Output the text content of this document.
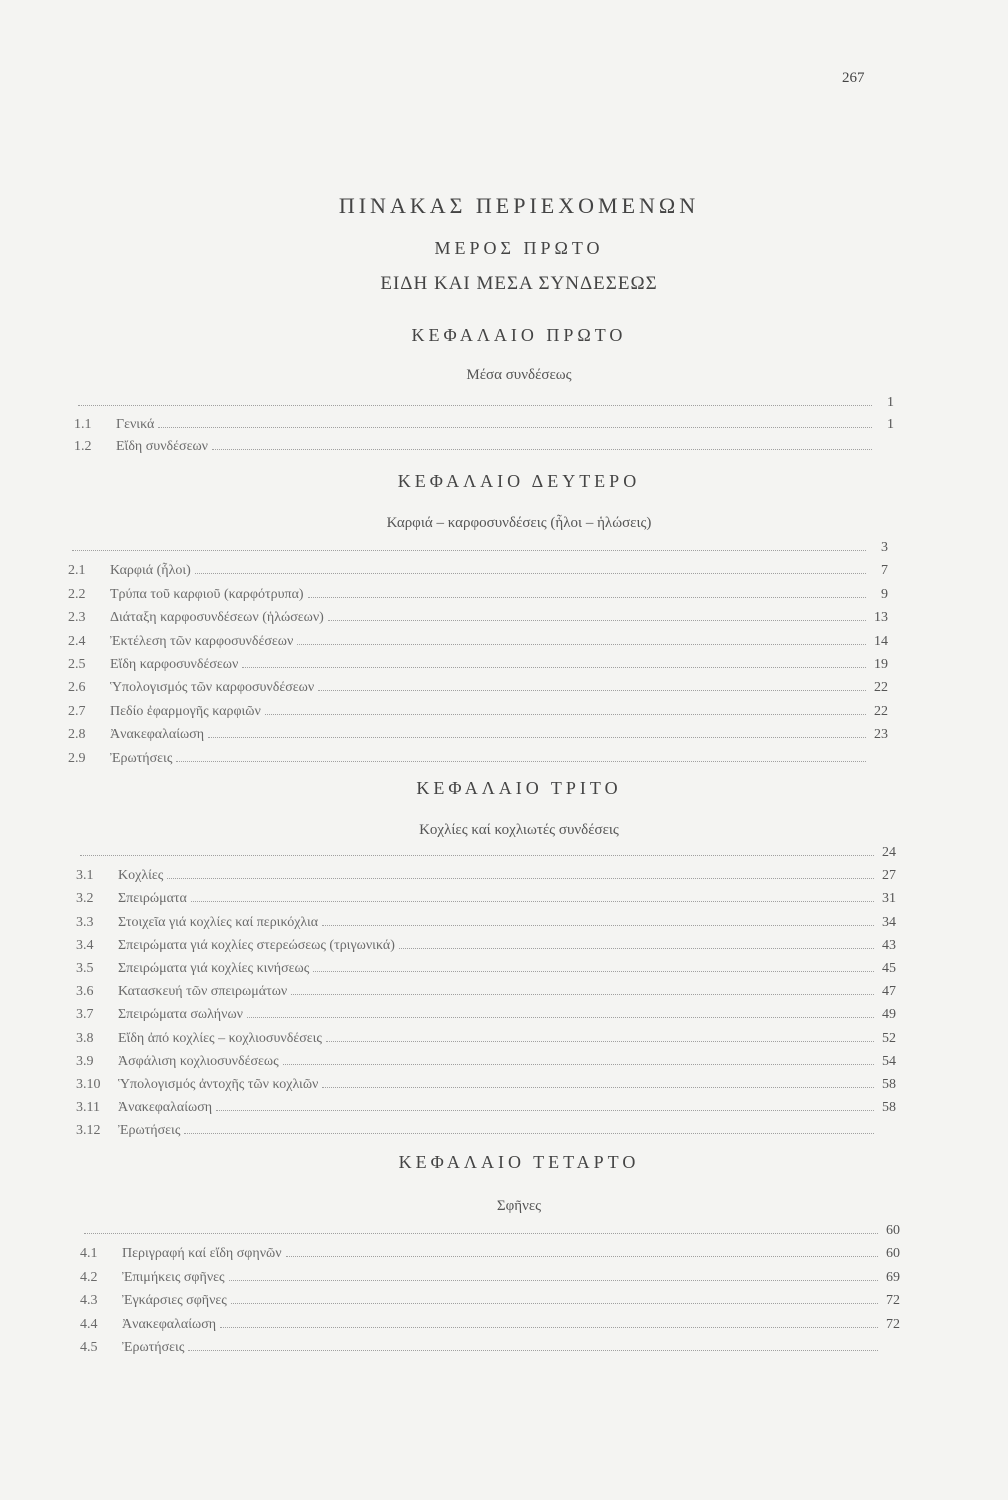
267
ΠΙΝΑΚΑΣ ΠΕΡΙΕΧΟΜΕΝΩΝ
ΜΕΡΟΣ ΠΡΩΤΟ
ΕΙΔΗ ΚΑΙ ΜΕΣΑ ΣΥΝΔΕΣΕΩΣ
ΚΕΦΑΛΑΙΟ ΠΡΩΤΟ
Μέσα συνδέσεως
1
1.1	Γενικά	1
1.2	Εἴδη συνδέσεων
ΚΕΦΑΛΑΙΟ ΔΕΥΤΕΡΟ
Καρφιά – καρφοσυνδέσεις (ἧλοι – ἡλώσεις)
3
2.1	Καρφιά (ἧλοι)	7
2.2	Τρύπα τοῦ καρφιοῦ (καρφότρυπα)	9
2.3	Διάταξη καρφοσυνδέσεων (ἡλώσεων)	13
2.4	Ἐκτέλεση τῶν καρφοσυνδέσεων	14
2.5	Εἴδη καρφοσυνδέσεων	19
2.6	Ὑπολογισμός τῶν καρφοσυνδέσεων	22
2.7	Πεδίο ἐφαρμογῆς καρφιῶν	22
2.8	Ἀνακεφαλαίωση	23
2.9	Ἐρωτήσεις
ΚΕΦΑΛΑΙΟ ΤΡΙΤΟ
Κοχλίες καί κοχλιωτές συνδέσεις
24
3.1	Κοχλίες	27
3.2	Σπειρώματα	31
3.3	Στοιχεῖα γιά κοχλίες καί περικόχλια	34
3.4	Σπειρώματα γιά κοχλίες στερεώσεως (τριγωνικά)	43
3.5	Σπειρώματα γιά κοχλίες κινήσεως	45
3.6	Κατασκευή τῶν σπειρωμάτων	47
3.7	Σπειρώματα σωλήνων	49
3.8	Εἴδη ἀπό κοχλίες – κοχλιοσυνδέσεις	52
3.9	Ἀσφάλιση κοχλιοσυνδέσεως	54
3.10	Ὑπολογισμός ἀντοχῆς τῶν κοχλιῶν	58
3.11	Ἀνακεφαλαίωση	58
3.12	Ἐρωτήσεις
ΚΕΦΑΛΑΙΟ ΤΕΤΑΡΤΟ
Σφῆνες
60
4.1	Περιγραφή καί εἴδη σφηνῶν	60
4.2	Ἐπιμήκεις σφῆνες	69
4.3	Ἐγκάρσιες σφῆνες	72
4.4	Ἀνακεφαλαίωση	72
4.5	Ἐρωτήσεις
